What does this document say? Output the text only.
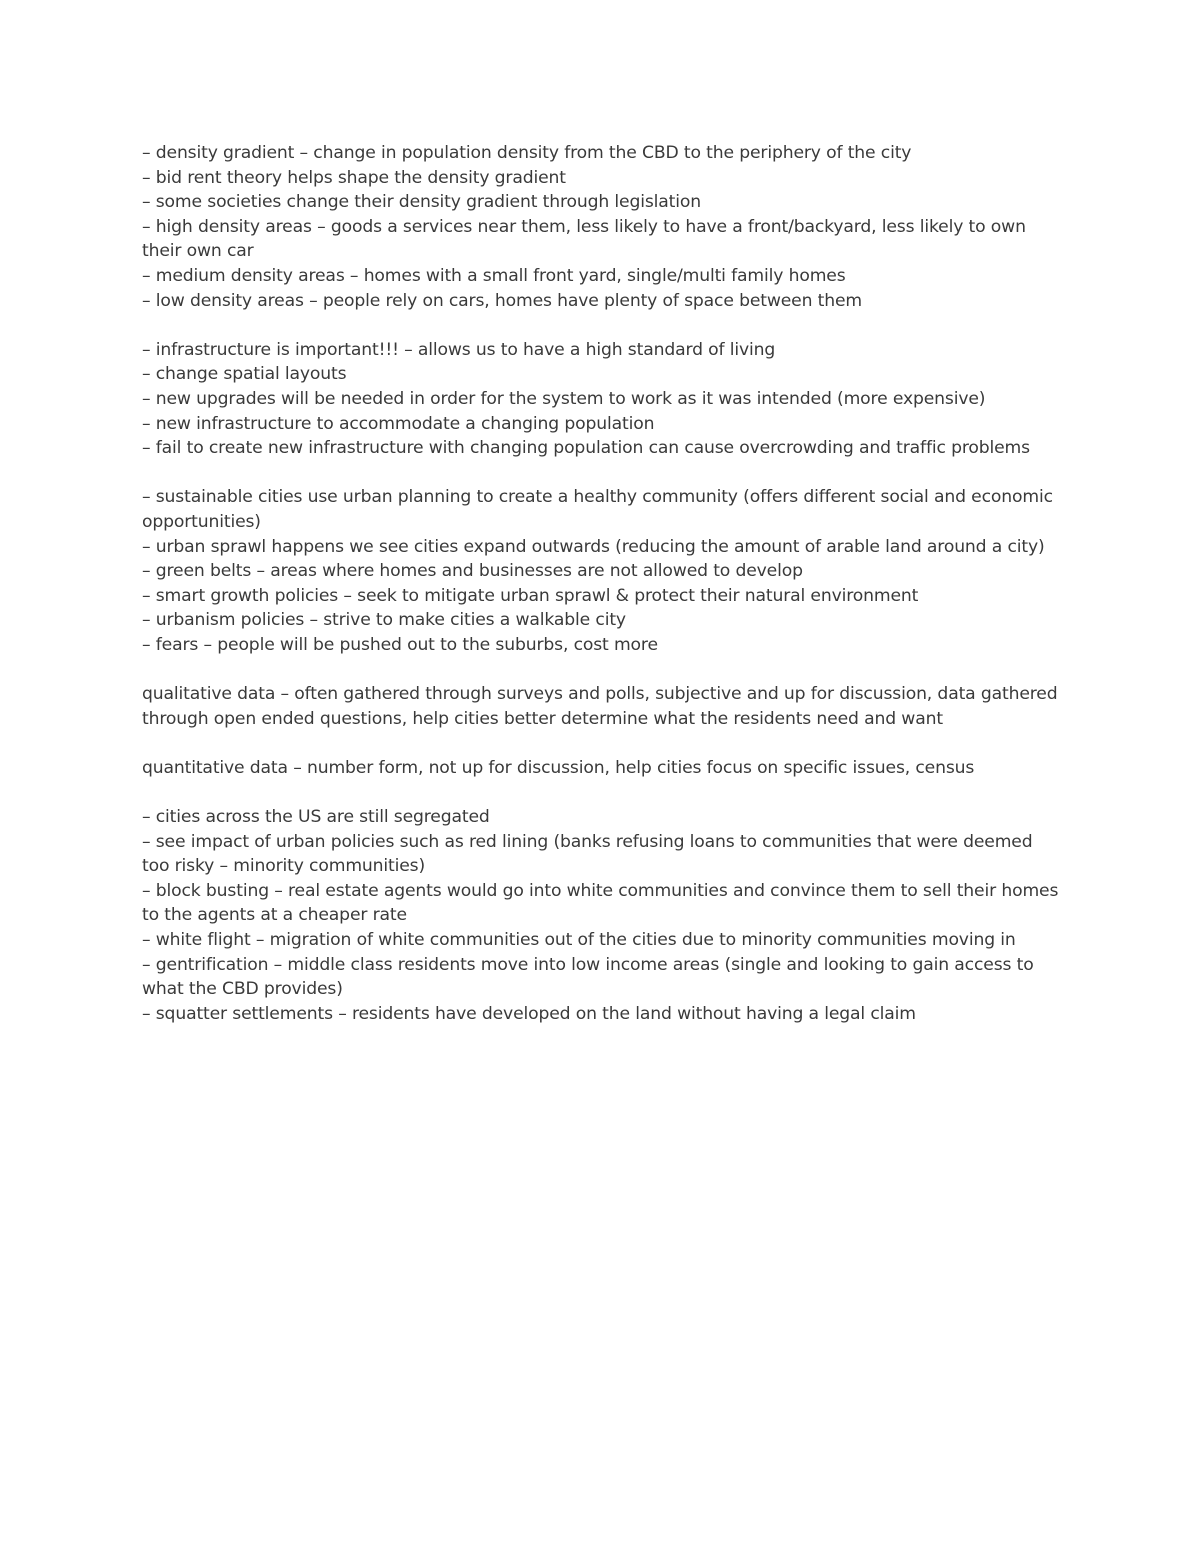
– density gradient – change in population density from the CBD to the periphery of the city

– bid rent theory helps shape the density gradient

– some societies change their density gradient through legislation

– high density areas – goods a services near them, less likely to have a front/backyard, less likely to own their own car

– medium density areas – homes with a small front yard, single/multi family homes

– low density areas – people rely on cars, homes have plenty of space between them

– infrastructure is important!!! – allows us to have a high standard of living

– change spatial layouts

– new upgrades will be needed in order for the system to work as it was intended (more expensive)

– new infrastructure to accommodate a changing population

– fail to create new infrastructure with changing population can cause overcrowding and traffic problems

– sustainable cities use urban planning to create a healthy community (offers different social and economic opportunities)

– urban sprawl happens we see cities expand outwards (reducing the amount of arable land around a city)

– green belts – areas where homes and businesses are not allowed to develop

– smart growth policies – seek to mitigate urban sprawl & protect their natural environment

– urbanism policies – strive to make cities a walkable city

– fears – people will be pushed out to the suburbs, cost more

qualitative data – often gathered through surveys and polls, subjective and up for discussion, data gathered through open ended questions, help cities better determine what the residents need and want

quantitative data – number form, not up for discussion, help cities focus on specific issues, census

– cities across the US are still segregated

– see impact of urban policies such as red lining (banks refusing loans to communities that were deemed too risky – minority communities)

– block busting – real estate agents would go into white communities and convince them to sell their homes to the agents at a cheaper rate

– white flight – migration of white communities out of the cities due to minority communities moving in

– gentrification – middle class residents move into low income areas (single and looking to gain access to what the CBD provides)

– squatter settlements – residents have developed on the land without having a legal claim
